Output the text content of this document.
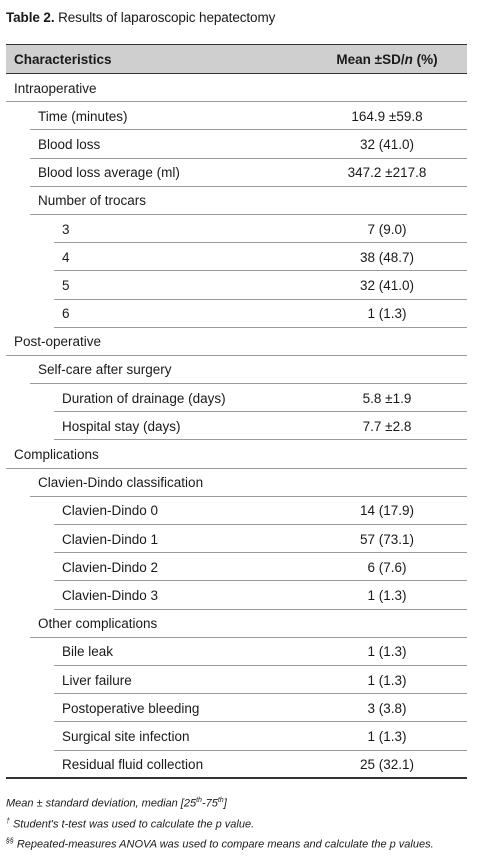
Table 2. Results of laparoscopic hepatectomy
Characteristics	Mean ±SD/n (%)
Intraoperative
Time (minutes)	164.9 ±59.8
Blood loss	32 (41.0)
Blood loss average (ml)	347.2 ±217.8
Number of trocars
3	7 (9.0)
4	38 (48.7)
5	32 (41.0)
6	1 (1.3)
Post-operative
Self-care after surgery
Duration of drainage (days)	5.8 ±1.9
Hospital stay (days)	7.7 ±2.8
Complications
Clavien-Dindo classification
Clavien-Dindo 0	14 (17.9)
Clavien-Dindo 1	57 (73.1)
Clavien-Dindo 2	6 (7.6)
Clavien-Dindo 3	1 (1.3)
Other complications
Bile leak	1 (1.3)
Liver failure	1 (1.3)
Postoperative bleeding	3 (3.8)
Surgical site infection	1 (1.3)
Residual fluid collection	25 (32.1)
Mean ± standard deviation, median [25th-75th]
† Student's t-test was used to calculate the p value.
§§ Repeated-measures ANOVA was used to compare means and calculate the p values.
